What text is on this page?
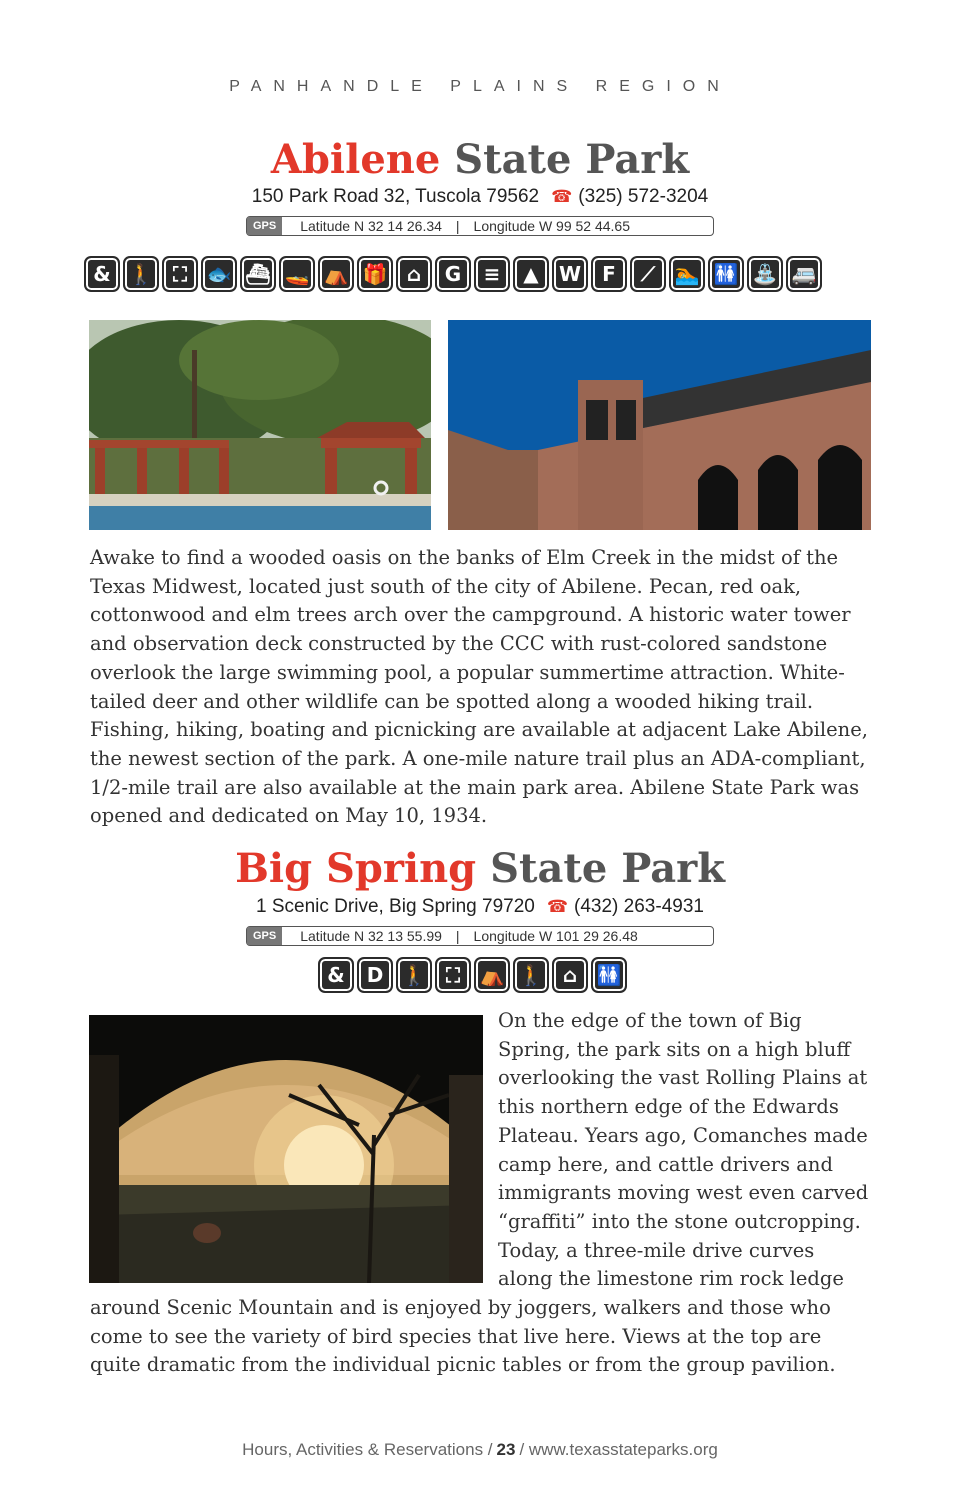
PANHANDLE PLAINS REGION
Abilene State Park
150 Park Road 32, Tuscola 79562 ☎ (325) 572-3204
GPS	Latitude N 32 14 26.34 | Longitude W 99 52 44.65
& 🚶 ⛶ 🐟 ⛴ 🚤 ⛺ 🎁 ⌂	G	≡	▲	W	F	⟋ 🏊 🚻 ⛲ 🚐

Awake to find a wooded oasis on the banks of Elm Creek in the midst of the Texas Midwest, located just south of the city of Abilene. Pecan, red oak, cottonwood and elm trees arch over the campground. A historic water tower and observation deck constructed by the CCC with rust-colored sandstone overlook the large swimming pool, a popular summertime attraction. White-tailed deer and other wildlife can be spotted along a wooded hiking trail. Fishing, hiking, boating and picnicking are available at adjacent Lake Abilene, the newest section of the park. A one-mile nature trail plus an ADA-compliant, 1/2-mile trail are also available at the main park area. Abilene State Park was opened and dedicated on May 10, 1934.

Big Spring State Park
1 Scenic Drive, Big Spring 79720 ☎ (432) 263-4931
GPS	Latitude N 32 13 55.99 | Longitude W 101 29 26.48
&	D 🚶 ⛶ ⛺ 🚶 ⌂ 🚻

On the edge of the town of Big Spring, the park sits on a high bluff overlooking the vast Rolling Plains at this northern edge of the Edwards Plateau. Years ago, Comanches made camp here, and cattle drivers and immigrants moving west even carved “graffiti” into the stone outcropping. Today, a three-mile drive curves along the limestone rim rock ledge around Scenic Mountain and is enjoyed by joggers, walkers and those who come to see the variety of bird species that live here. Views at the top are quite dramatic from the individual picnic tables or from the group pavilion.

Hours, Activities & Reservations / 23 / www.texasstateparks.org
